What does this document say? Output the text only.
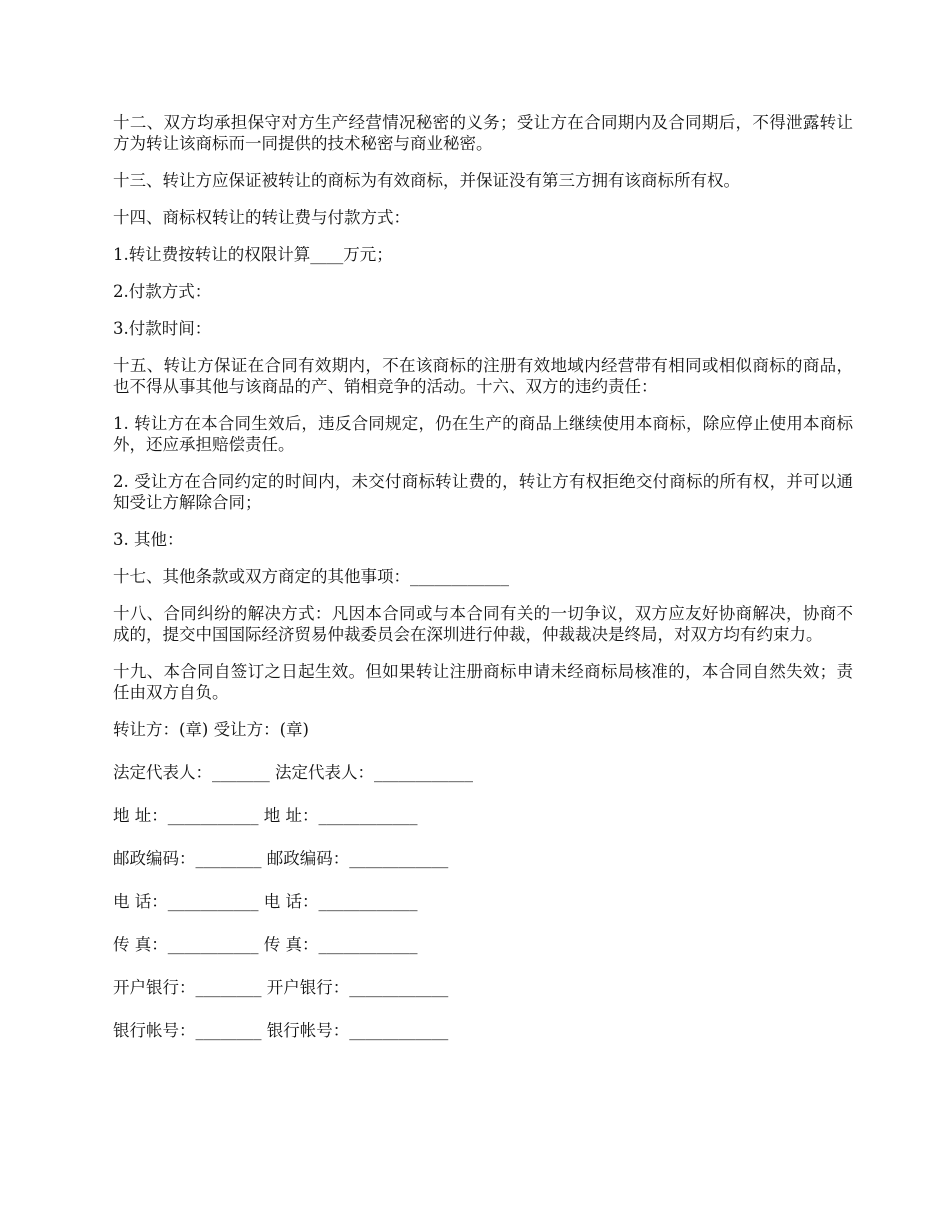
十二、双方均承担保守对方生产经营情况秘密的义务；受让方在合同期内及合同期后，不得泄露转让方为转让该商标而一同提供的技术秘密与商业秘密。

十三、转让方应保证被转让的商标为有效商标，并保证没有第三方拥有该商标所有权。

十四、商标权转让的转让费与付款方式：

1.转让费按转让的权限计算____万元；

2.付款方式：

3.付款时间：

十五、转让方保证在合同有效期内，不在该商标的注册有效地域内经营带有相同或相似商标的商品，也不得从事其他与该商品的产、销相竞争的活动。十六、双方的违约责任：

1. 转让方在本合同生效后，违反合同规定，仍在生产的商品上继续使用本商标，除应停止使用本商标外，还应承担赔偿责任。

2. 受让方在合同约定的时间内，未交付商标转让费的，转让方有权拒绝交付商标的所有权，并可以通知受让方解除合同；

3. 其他：

十七、其他条款或双方商定的其他事项：____________

十八、合同纠纷的解决方式：凡因本合同或与本合同有关的一切争议，双方应友好协商解决，协商不成的，提交中国国际经济贸易仲裁委员会在深圳进行仲裁，仲裁裁决是终局，对双方均有约束力。

十九、本合同自签订之日起生效。但如果转让注册商标申请未经商标局核准的，本合同自然失效；责任由双方自负。

转让方：(章) 受让方：(章)
法定代表人：_______ 法定代表人：____________
地 址：___________ 地 址：____________
邮政编码：________ 邮政编码：____________
电 话：___________ 电 话：____________
传 真：___________ 传 真：____________
开户银行：________ 开户银行：____________
银行帐号：________ 银行帐号：____________
